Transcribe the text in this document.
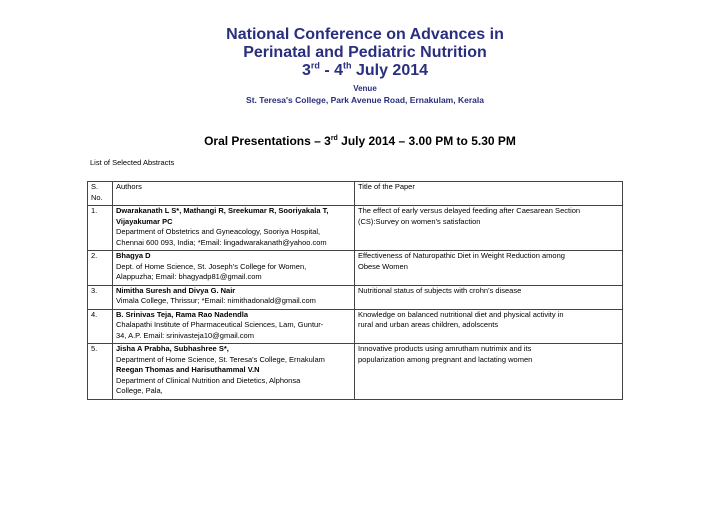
National Conference on Advances in
Perinatal and Pediatric Nutrition
3rd - 4th July 2014
Venue
St. Teresa's College, Park Avenue Road, Ernakulam, Kerala
Oral Presentations – 3rd July 2014 – 3.00 PM to 5.30 PM
List of Selected Abstracts
S. No.	Authors	Title of the Paper
1.	Dwarakanath L S*, Mathangi R, Sreekumar R, Sooriyakala T,
Vijayakumar PC
Department of Obstetrics and Gyneacology, Sooriya Hospital,
Chennai 600 093, India; *Email: lingadwarakanath@yahoo.com	The effect of early versus delayed feeding after Caesarean Section
(CS):Survey on women’s satisfaction

2.	Bhagya D
Dept. of Home Science, St. Joseph’s College for Women,
Alappuzha; Email: bhagyadp81@gmail.com	Effectiveness of Naturopathic Diet in Weight Reduction among
Obese Women

3.	Nimitha Suresh and Divya G. Nair
Vimala College, Thrissur; *Email: nimithadonald@gmail.com	Nutritional status of subjects with crohn’s disease

4.	B. Srinivas Teja, Rama Rao Nadendla
Chalapathi Institute of Pharmaceutical Sciences, Lam, Guntur-
34, A.P. Email: srinivasteja10@gmail.com	Knowledge on balanced nutritional diet and physical activity in
rural and urban areas children, adolscents

5.	Jisha A Prabha, Subhashree S*,
Department of Home Science, St. Teresa's College, Ernakulam
Reegan Thomas and Harisuthammal V.N
Department of Clinical Nutrition and Dietetics, Alphonsa
College, Pala,	Innovative products using amrutham nutrimix and its
popularization among pregnant and lactating women
